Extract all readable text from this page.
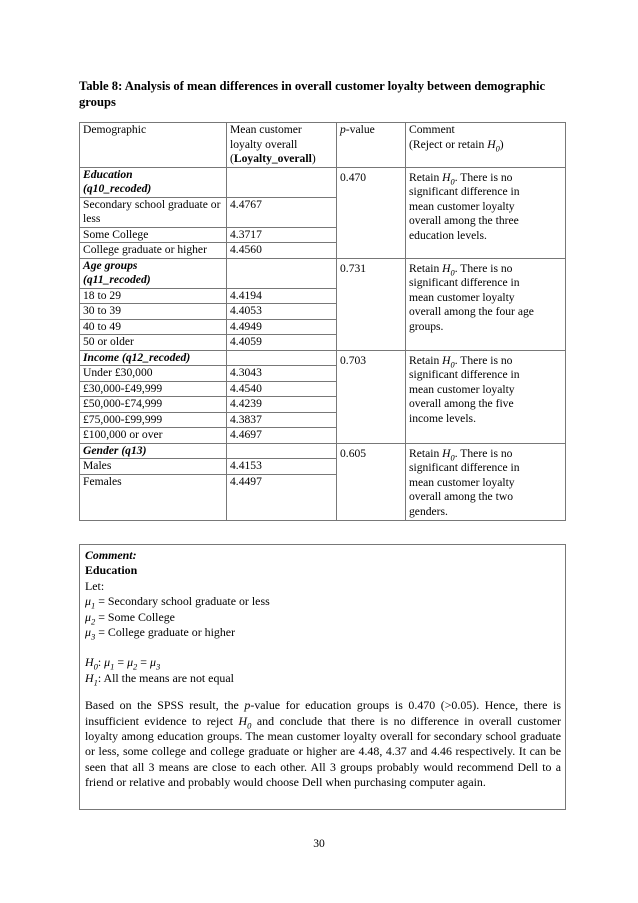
Table 8: Analysis of mean differences in overall customer loyalty between demographic
groups
Demographic	Mean customer
loyalty overall
(Loyalty_overall)	p-value	Comment
(Reject or retain $H_0$)
Education
(q10_recoded)		0.470	Retain $H_0$. There is no significant difference in mean customer loyalty overall among the three education levels.
Secondary school graduate or less	4.4767		
Some College	4.3717		
College graduate or higher	4.4560		
Age groups
(q11_recoded)		0.731	Retain $H_0$. There is no significant difference in mean customer loyalty overall among the four age groups.
18 to 29	4.4194		
30 to 39	4.4053		
40 to 49	4.4949		
50 or older	4.4059		
Income (q12_recoded)		0.703	Retain $H_0$. There is no significant difference in mean customer loyalty overall among the five income levels.
Under £30,000	4.3043		
£30,000-£49,999	4.4540		
£50,000-£74,999	4.4239		
£75,000-£99,999	4.3837		
£100,000 or over	4.4697		
Gender (q13)		0.605	Retain $H_0$. There is no significant difference in mean customer loyalty overall among the two genders.
Males	4.4153		
Females	4.4497		
Comment:
Education
Let:
$\mu_1$ = Secondary school graduate or less
$\mu_2$ = Some College
$\mu_3$ = College graduate or higher
$H_0$: $\mu_1 = \mu_2 = \mu_3$
$H_1$: All the means are not equal
Based on the SPSS result, the p-value for education groups is 0.470 (>0.05). Hence, there is insufficient evidence to reject $H_0$ and conclude that there is no difference in overall customer loyalty among education groups. The mean customer loyalty overall for secondary school graduate or less, some college and college graduate or higher are 4.48, 4.37 and 4.46 respectively. It can be seen that all 3 means are close to each other. All 3 groups probably would recommend Dell to a friend or relative and probably would choose Dell when purchasing computer again.
30
